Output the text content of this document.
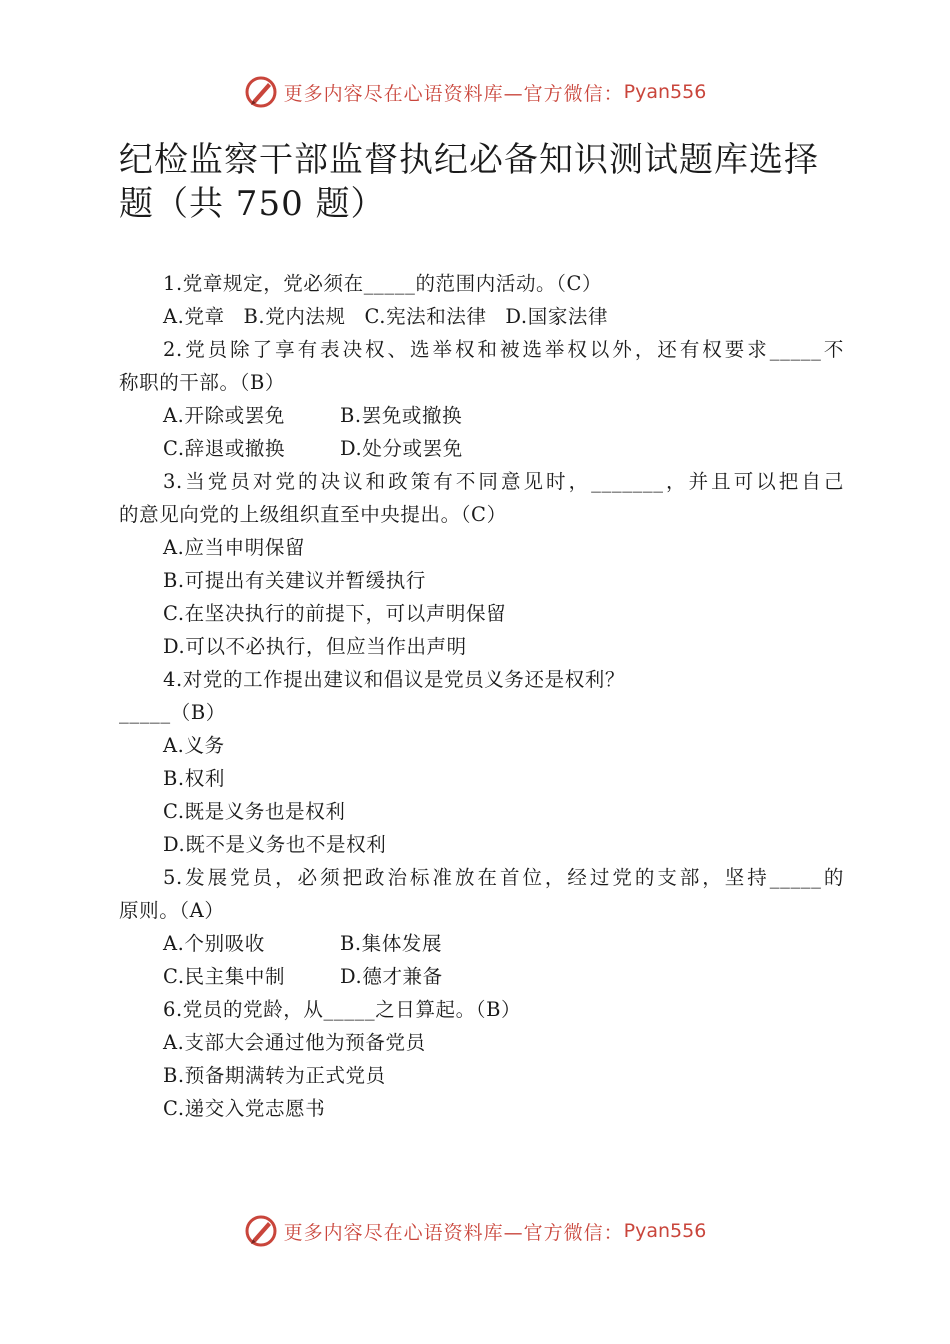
更多内容尽在心语资料库—官方微信： Pyan556
纪检监察干部监督执纪必备知识测试题库选择
题（共 750 题）
1.党章规定，党必须在_____的范围内活动。（C）
A.党章 B.党内法规 C.宪法和法律 D.国家法律
2.党员除了享有表决权、选举权和被选举权以外，还有权要求_____不
称职的干部。（B）
A.开除或罢免	B.罢免或撤换
C.辞退或撤换	D.处分或罢免
3.当党员对党的决议和政策有不同意见时，_______，并且可以把自己
的意见向党的上级组织直至中央提出。（C）
A.应当申明保留
B.可提出有关建议并暂缓执行
C.在坚决执行的前提下，可以声明保留
D.可以不必执行，但应当作出声明
4.对党的工作提出建议和倡议是党员义务还是权利？
_____（B）
A.义务
B.权利
C.既是义务也是权利
D.既不是义务也不是权利
5.发展党员，必须把政治标准放在首位，经过党的支部，坚持_____的
原则。（A）
A.个别吸收	B.集体发展
C.民主集中制	D.德才兼备
6.党员的党龄，从_____之日算起。（B）
A.支部大会通过他为预备党员
B.预备期满转为正式党员
C.递交入党志愿书
更多内容尽在心语资料库—官方微信： Pyan556
